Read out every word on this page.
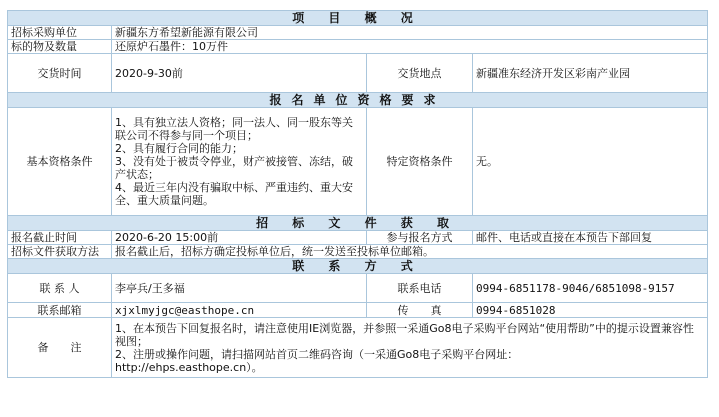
项 目 概 况			
招标采购单位	新疆东方希望新能源有限公司		
标的物及数量	还原炉石墨件：10万件		
交货时间	2020-9-30前	交货地点	新疆准东经济开发区彩南产业园
报名单位资格要求			
基本资格条件	1、具有独立法人资格；同一法人、同一股东等关联公司不得参与同一个项目；
2、具有履行合同的能力；
3、没有处于被责令停业，财产被接管、冻结，破产状态；
4、最近三年内没有骗取中标、严重违约、重大安全、重大质量问题。	特定资格条件	无。
招 标 文 件 获 取			
报名截止时间	2020-6-20 15:00前	参与报名方式	邮件、电话或直接在本预告下部回复
招标文件获取方法	报名截止后，招标方确定投标单位后，统一发送至投标单位邮箱。		
联 系 方 式			
联 系 人	李亭兵/王多福	联系电话	0994-6851178-9046/6851098-9157
联系邮箱	xjxlmyjgc@easthope.cn	传　　真	0994-6851028
备　　注	1、在本预告下回复报名时，请注意使用IE浏览器，并参照一采通Go8电子采购平台网站“使用帮助”中的提示设置兼容性视图；
2、注册或操作问题，请扫描网站首页二维码咨询（一采通Go8电子采购平台网址：
http://ehps.easthope.cn）。		
